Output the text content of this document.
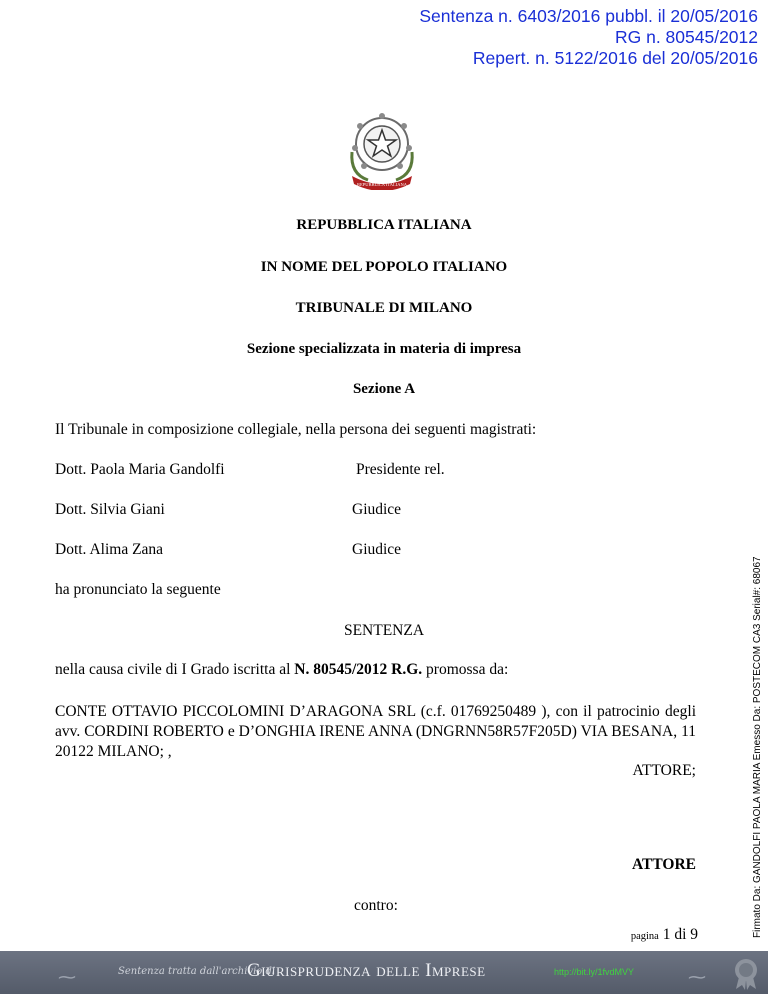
Sentenza n. 6403/2016 pubbl. il 20/05/2016
RG n. 80545/2012
Repert. n. 5122/2016 del 20/05/2016
REPUBBLICA ITALIANA
REPUBBLICA ITALIANA
IN NOME DEL POPOLO ITALIANO
TRIBUNALE DI MILANO
Sezione specializzata in materia di impresa
Sezione A
Il Tribunale in composizione collegiale, nella persona dei seguenti magistrati:
Dott. Paola Maria Gandolfi	Presidente rel.
Dott. Silvia Giani	Giudice
Dott. Alima Zana	Giudice
ha pronunciato la seguente
SENTENZA
nella causa civile di I Grado iscritta al N. 80545/2012 R.G. promossa da:
CONTE OTTAVIO PICCOLOMINI D’ARAGONA SRL (c.f. 01769250489 ), con il patrocinio degli avv. CORDINI ROBERTO e D’ONGHIA IRENE ANNA (DNGRNN58R57F205D) VIA BESANA, 11 20122 MILANO; ,
ATTORE;
ATTORE
contro:
pagina 1 di 9	Firmato Da: GANDOLFI PAOLA MARIA Emesso Da: POSTECOM CA3 Serial#: 68067
⁓	Sentenza tratta dall'archivio di
Giurisprudenza delle Imprese	http://bit.ly/1fvdMVY	⁓
